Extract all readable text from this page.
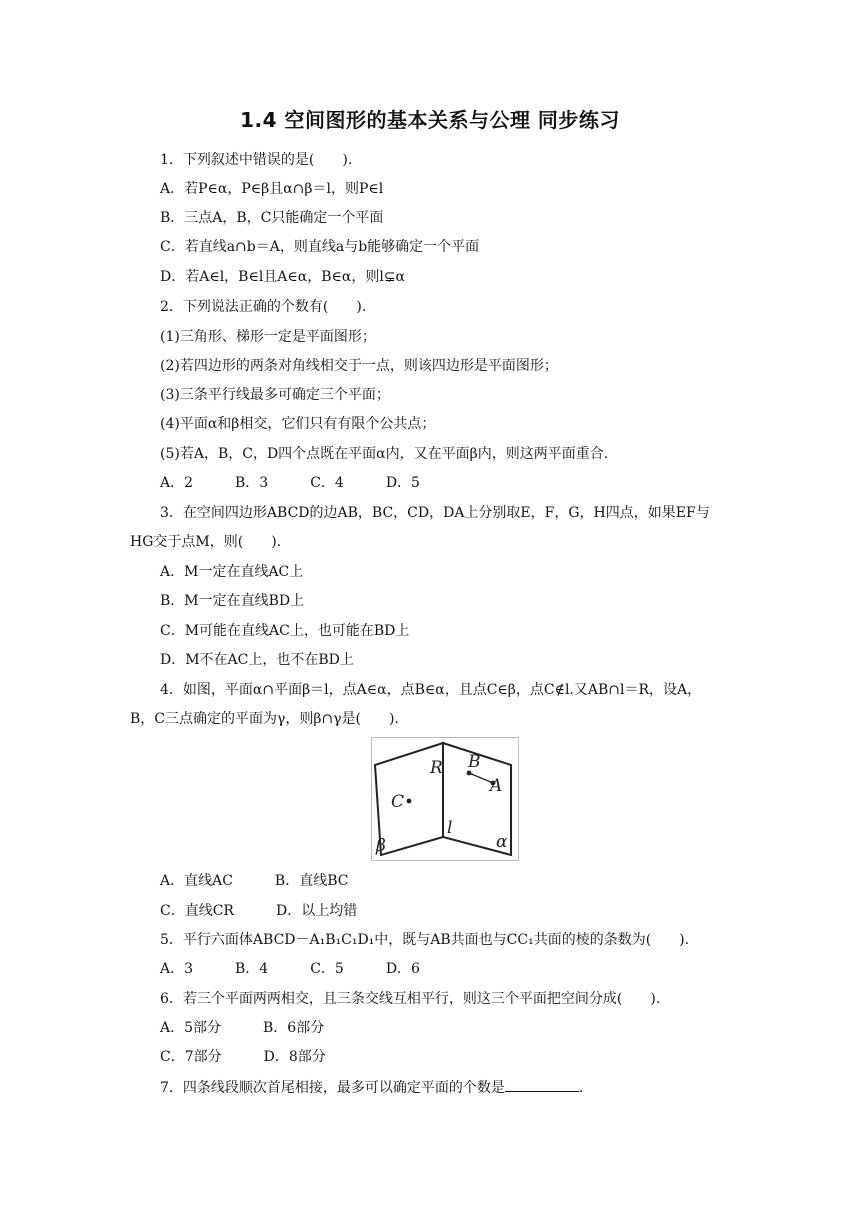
1.4 空间图形的基本关系与公理 同步练习
1．下列叙述中错误的是(　　).
A．若P∈α，P∈β且α∩β＝l，则P∈l
B．三点A，B，C只能确定一个平面
C．若直线a∩b＝A，则直线a与b能够确定一个平面
D．若A∈l，B∈l且A∈α，B∈α，则l⊊α
2．下列说法正确的个数有(　　).
(1)三角形、梯形一定是平面图形；
(2)若四边形的两条对角线相交于一点，则该四边形是平面图形；
(3)三条平行线最多可确定三个平面；
(4)平面α和β相交，它们只有有限个公共点；
(5)若A，B，C，D四个点既在平面α内，又在平面β内，则这两平面重合．
A．2　　　B．3　　　C．4　　　D．5
3．在空间四边形ABCD的边AB，BC，CD，DA上分别取E，F，G，H四点，如果EF与
HG交于点M，则(　　).
A．M一定在直线AC上
B．M一定在直线BD上
C．M可能在直线AC上，也可能在BD上
D．M不在AC上，也不在BD上
4．如图，平面α∩平面β＝l，点A∈α，点B∈α，且点C∈β，点C∉l.又AB∩l＝R，设A，
B，C三点确定的平面为γ，则β∩γ是(　　).
R B
A
C
l
β	α
A．直线AC　　　B．直线BC
C．直线CR　　　D．以上均错
5．平行六面体ABCD－A₁B₁C₁D₁中，既与AB共面也与CC₁共面的棱的条数为(　　).
A．3　　　B．4　　　C．5　　　D．6
6．若三个平面两两相交，且三条交线互相平行，则这三个平面把空间分成(　　).
A．5部分　　　B．6部分
C．7部分　　　D．8部分
7．四条线段顺次首尾相接，最多可以确定平面的个数是	.
